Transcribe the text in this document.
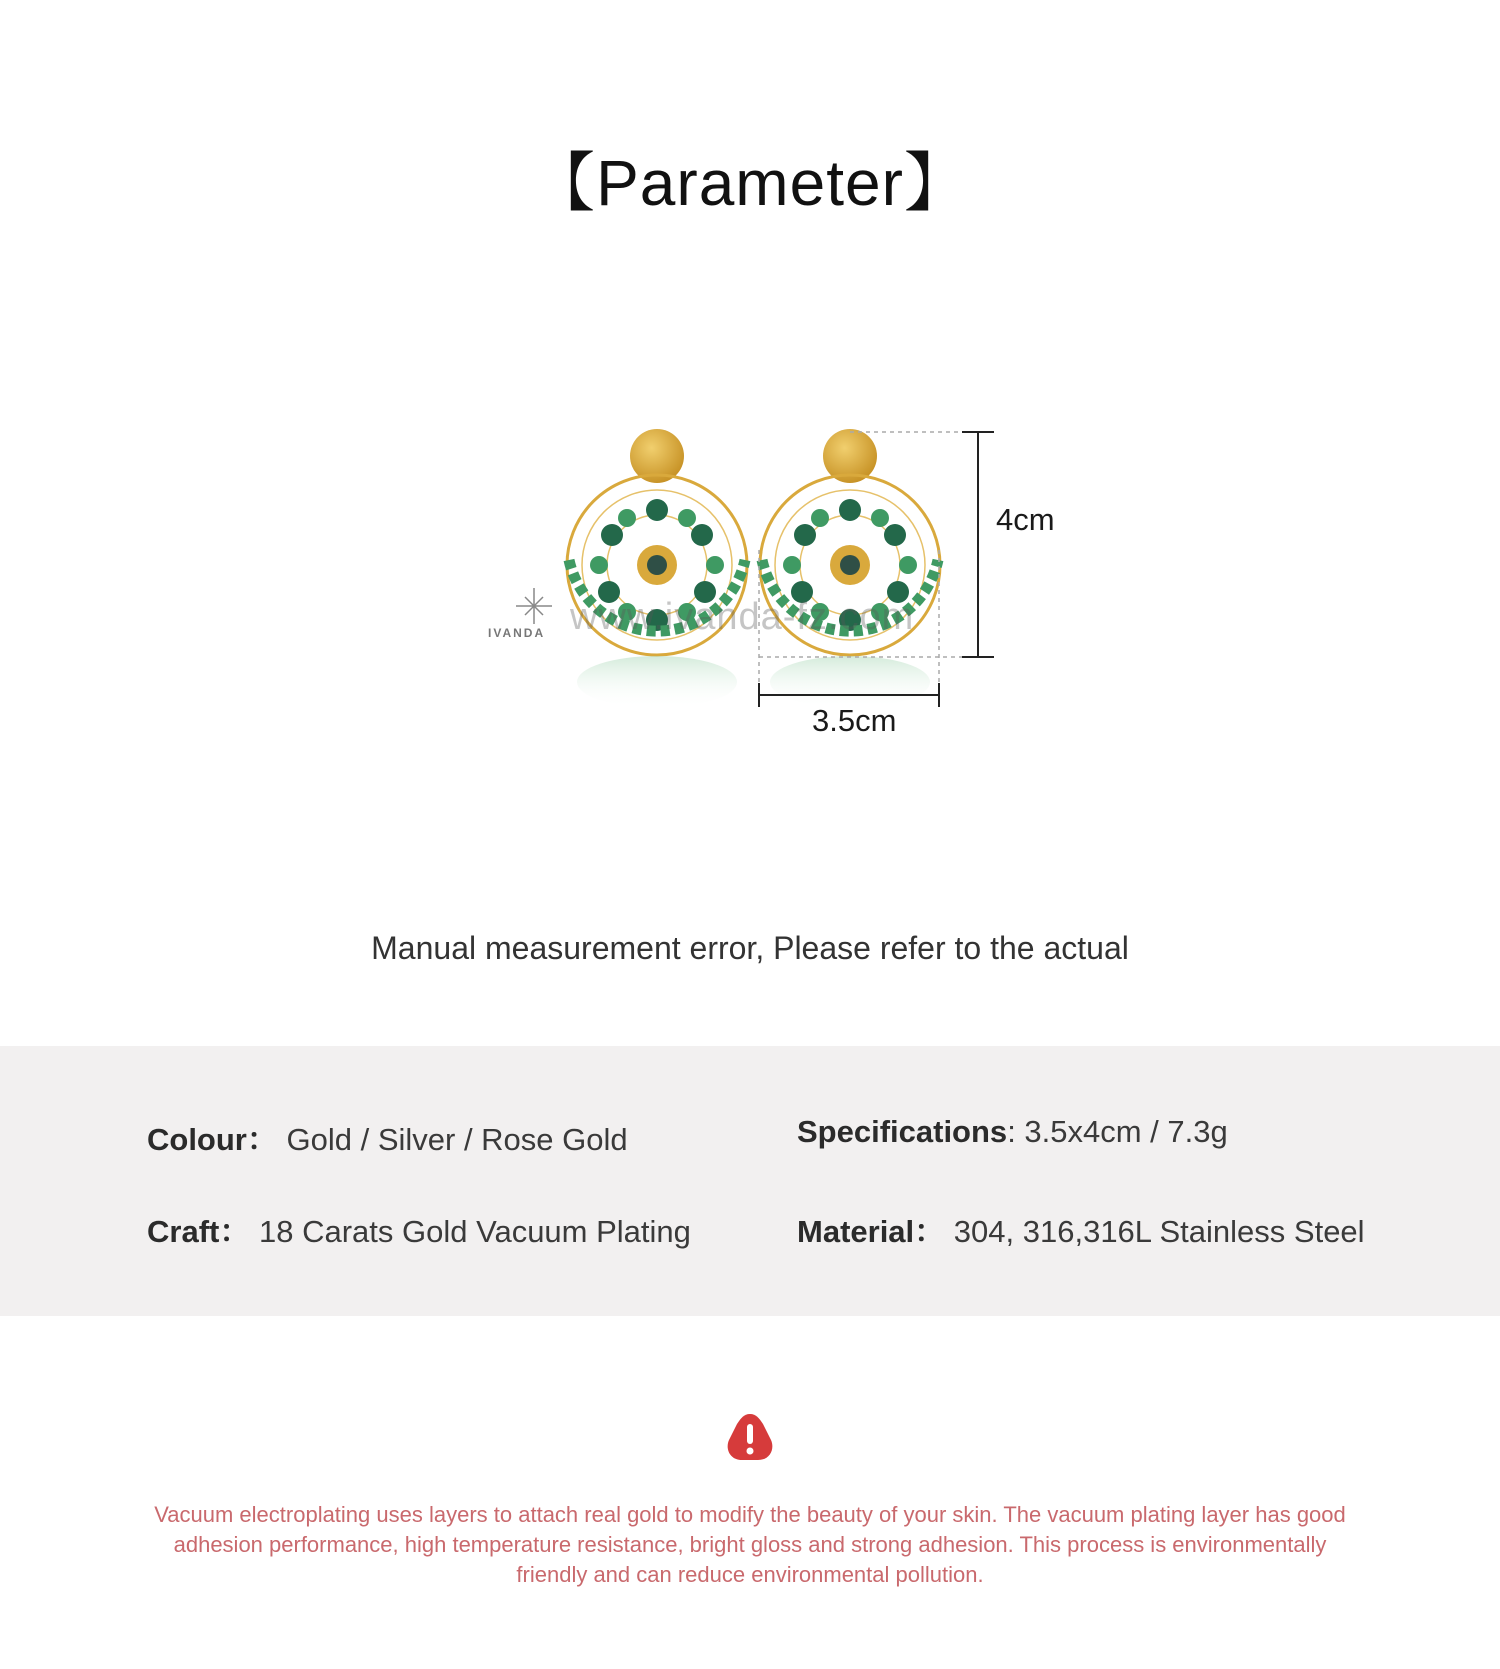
【Parameter】
IVANDA www.ivanda-fz.com
4cm
3.5cm
Manual measurement error, Please refer to the actual
Colour： Gold / Silver / Rose Gold	Specifications: 3.5x4cm / 7.3g
Craft： 18 Carats Gold Vacuum Plating	Material： 304, 316,316L Stainless Steel
Vacuum electroplating uses layers to attach real gold to modify the beauty of your skin. The vacuum plating layer has good adhesion performance, high temperature resistance, bright gloss and strong adhesion. This process is environmentally friendly and can reduce environmental pollution.
